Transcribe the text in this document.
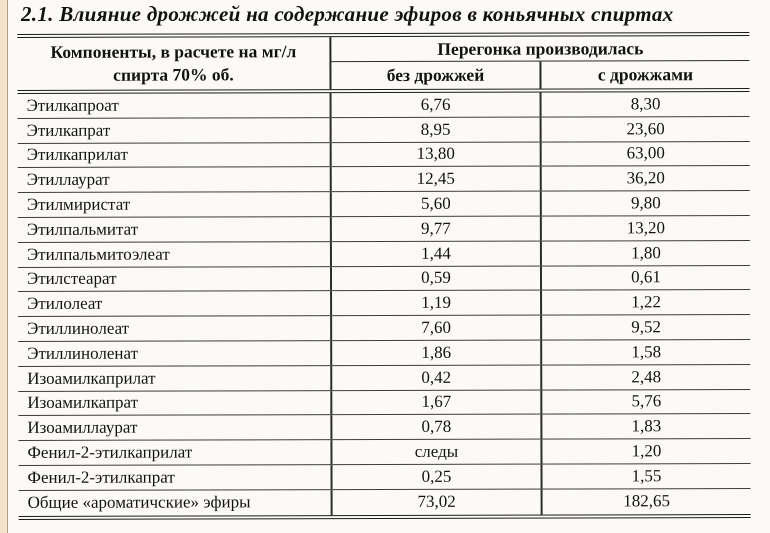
2.1. Влияние дрожжей на содержание эфиров в коньячных спиртах
Компоненты, в расчете на мг/л
спирта 70% об.
Перегонка производилась
без дрожжей	с дрожжами
Этилкапроат	6,76	8,30
Этилкапрат	8,95	23,60
Этилкаприлат	13,80	63,00
Этиллаурат	12,45	36,20
Этилмиристат	5,60	9,80
Этилпальмитат	9,77	13,20
Этилпальмитоэлеат	1,44	1,80
Этилстеарат	0,59	0,61
Этилолеат	1,19	1,22
Этиллинолеат	7,60	9,52
Этиллиноленат	1,86	1,58
Изоамилкаприлат	0,42	2,48
Изоамилкапрат	1,67	5,76
Изоамиллаурат	0,78	1,83
Фенил-2-этилкаприлат	следы	1,20
Фенил-2-этилкапрат	0,25	1,55
Общие «ароматичские» эфиры	73,02	182,65
